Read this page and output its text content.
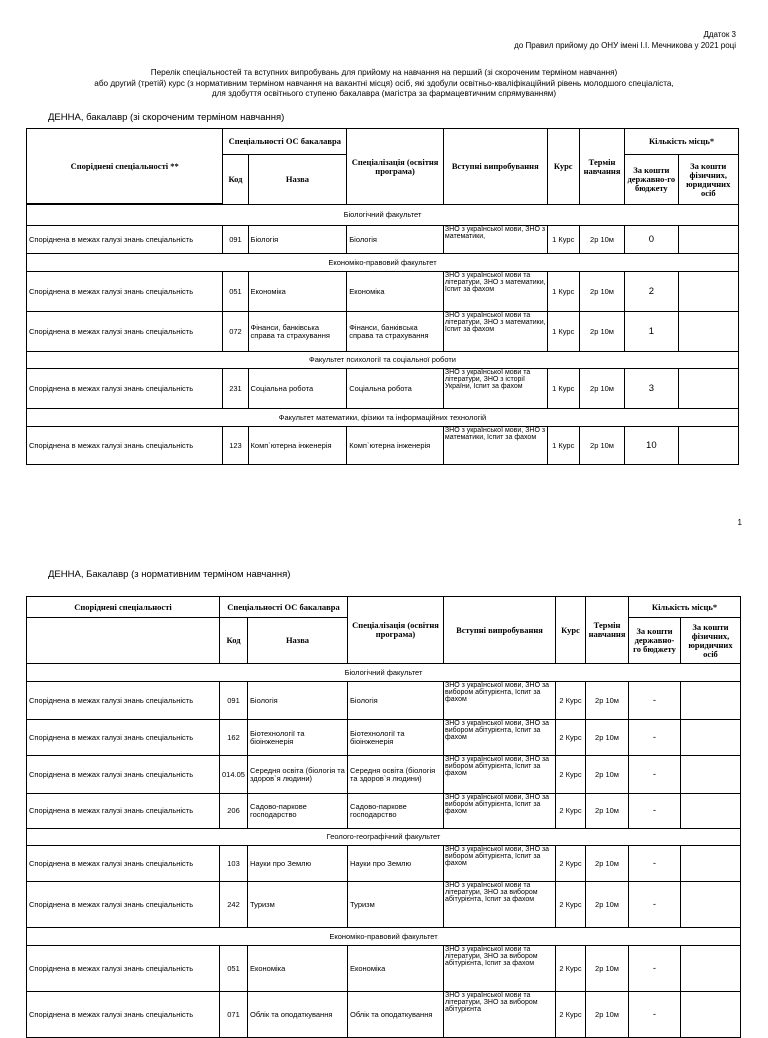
Ддаток 3
до Правил прийому до ОНУ імені І.І. Мечникова у 2021 році
Перелік спеціальностей та вступних випробувань для прийому на навчання на перший (зі скороченим терміном навчання)
або другий (третій) курс (з нормативним терміном навчання на вакантні місця) осіб, які здобули освітньо-кваліфікаційний рівень молодшого спеціаліста,
для здобуття освітнього ступеню бакалавра (магістра за фармацевтичним спрямуванням)
ДЕННА, бакалавр (зі скороченим терміном навчання)
Споріднені спеціальності **	Спеціальності ОС бакалавра		Спеціалізація (освітня програма)	Вступні випробування	Курс	Термін навчання	Кількість місць*	
	Код	Назва					За кошти державно-го бюджету	За кошти фізичних, юридичних осіб

Біологічний факультет								
Споріднена в межах галузі знань спеціальність	091	Біологія	Біологія	ЗНО з української мови, ЗНО з математики,	1 Курс	2р 10м	0	
Економіко-правовий факультет								
Споріднена в межах галузі знань спеціальність	051	Економіка	Економіка	ЗНО з української мови та літератури, ЗНО з математики, Іспит за фахом	1 Курс	2р 10м	2	
Споріднена в межах галузі знань спеціальність	072	Фінанси, банківська справа та страхування	Фінанси, банківська справа та страхування	ЗНО з української мови та літератури, ЗНО з математики, Іспит за фахом	1 Курс	2р 10м	1	
Факультет психології та соціальної роботи								
Споріднена в межах галузі знань спеціальність	231	Соціальна робота	Соціальна робота	ЗНО з української мови та літератури, ЗНО з історії України, Іспит за фахом	1 Курс	2р 10м	3	
Факультет математики, фізики та інформаційних технологій								
Споріднена в межах галузі знань спеціальність	123	Комп`ютерна інженерія	Комп`ютерна інженерія	ЗНО з української мови, ЗНО з математики, Іспит за фахом	1 Курс	2р 10м	10	
1
ДЕННА, Бакалавр (з нормативним терміном навчання)
Споріднені спеціальності	Спеціальності ОС бакалавра		Спеціалізація (освітня програма)	Вступні випробування	Курс	Термін навчання	Кількість місць*	
	Код	Назва					За кошти державно-го бюджету	За кошти фізичних, юридичних осіб
Біологічний факультет								
Споріднена в межах галузі знань спеціальність	091	Біологія	Біологія	ЗНО з української мови, ЗНО за вибором абітурієнта, Іспит за фахом	2 Курс	2р 10м	-	
Споріднена в межах галузі знань спеціальність	162	Біотехнології та біоінженерія	Біотехнології та біоінженерія	ЗНО з української мови, ЗНО за вибором абітурієнта, Іспит за фахом	2 Курс	2р 10м	-	
Споріднена в межах галузі знань спеціальність	014.05	Середня освіта (біологія та здоров`я людини)	Середня освіта (біологія та здоров`я людини)	ЗНО з української мови, ЗНО за вибором абітурієнта, Іспит за фахом	2 Курс	2р 10м	-	
Споріднена в межах галузі знань спеціальність	206	Садово-паркове господарство	Садово-паркове господарство	ЗНО з української мови, ЗНО за вибором абітурієнта, Іспит за фахом	2 Курс	2р 10м	-	
Геолого-географічний факультет								
Споріднена в межах галузі знань спеціальність	103	Науки про Землю	Науки про Землю	ЗНО з української мови, ЗНО за вибором абітурієнта, Іспит за фахом	2 Курс	2р 10м	-	
Споріднена в межах галузі знань спеціальність	242	Туризм	Туризм	ЗНО з української мови та літератури, ЗНО за вибором абітурієнта, Іспит за фахом	2 Курс	2р 10м	-	
Економіко-правовий факультет								
Споріднена в межах галузі знань спеціальність	051	Економіка	Економіка	ЗНО з української мови та літератури, ЗНО за вибором абітурієнта, Іспит за фахом	2 Курс	2р 10м	-	
Споріднена в межах галузі знань спеціальність	071	Облік та оподаткування	Облік та оподаткування	ЗНО з української мови та літератури, ЗНО за вибором абітурієнта	2 Курс	2р 10м	-	
